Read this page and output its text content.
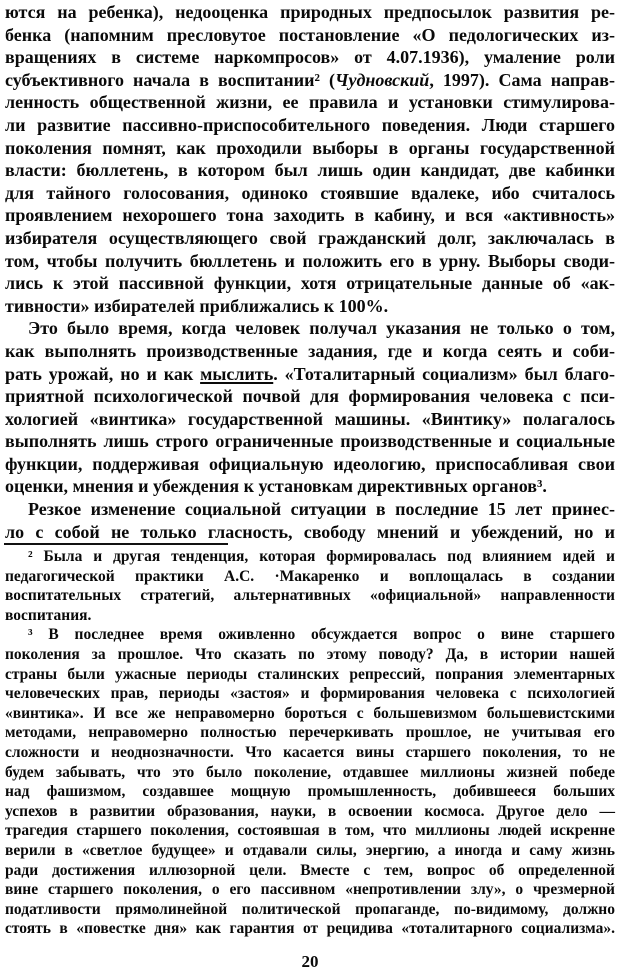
ются на ребенка), недооценка природных предпосылок развития ре-
бенка (напомним пресловутое постановление «О педологических из-
вращениях в системе наркомпросов» от 4.07.1936), умаление роли
субъективного начала в воспитании² (Чудновский, 1997). Сама направ-
ленность общественной жизни, ее правила и установки стимулирова-
ли развитие пассивно-приспособительного поведения. Люди старшего
поколения помнят, как проходили выборы в органы государственной
власти: бюллетень, в котором был лишь один кандидат, две кабинки
для тайного голосования, одиноко стоявшие вдалеке, ибо считалось
проявлением нехорошего тона заходить в кабину, и вся «активность»
избирателя осуществляющего свой гражданский долг, заключалась в
том, чтобы получить бюллетень и положить его в урну. Выборы своди-
лись к этой пассивной функции, хотя отрицательные данные об «ак-
тивности» избирателей приближались к 100%.
Это было время, когда человек получал указания не только о том,
как выполнять производственные задания, где и когда сеять и соби-
рать урожай, но и как мыслить. «Тоталитарный социализм» был благо-
приятной психологической почвой для формирования человека с пси-
хологией «винтика» государственной машины. «Винтику» полагалось
выполнять лишь строго ограниченные производственные и социальные
функции, поддерживая официальную идеологию, приспосабливая свои
оценки, мнения и убеждения к установкам директивных органов³.
Резкое изменение социальной ситуации в последние 15 лет принес-
ло с собой не только гласность, свободу мнений и убеждений, но и
² Была и другая тенденция, которая формировалась под влиянием идей и
педагогической практики А.С. ·Макаренко и воплощалась в создании
воспитательных стратегий, альтернативных «официальной» направленности
воспитания.
³ В последнее время оживленно обсуждается вопрос о вине старшего
поколения за прошлое. Что сказать по этому поводу? Да, в истории нашей
страны были ужасные периоды сталинских репрессий, попрания элементарных
человеческих прав, периоды «застоя» и формирования человека с психологией
«винтика». И все же неправомерно бороться с большевизмом большевистскими
методами, неправомерно полностью перечеркивать прошлое, не учитывая его
сложности и неоднозначности. Что касается вины старшего поколения, то не
будем забывать, что это было поколение, отдавшее миллионы жизней победе
над фашизмом, создавшее мощную промышленность, добившееся больших
успехов в развитии образования, науки, в освоении космоса. Другое дело —
трагедия старшего поколения, состоявшая в том, что миллионы людей искренне
верили в «светлое будущее» и отдавали силы, энергию, а иногда и саму жизнь
ради достижения иллюзорной цели. Вместе с тем, вопрос об определенной
вине старшего поколения, о его пассивном «непротивлении злу», о чрезмерной
податливости прямолинейной политической пропаганде, по-видимому, должно
стоять в «повестке дня» как гарантия от рецидива «тоталитарного социализма».
20
